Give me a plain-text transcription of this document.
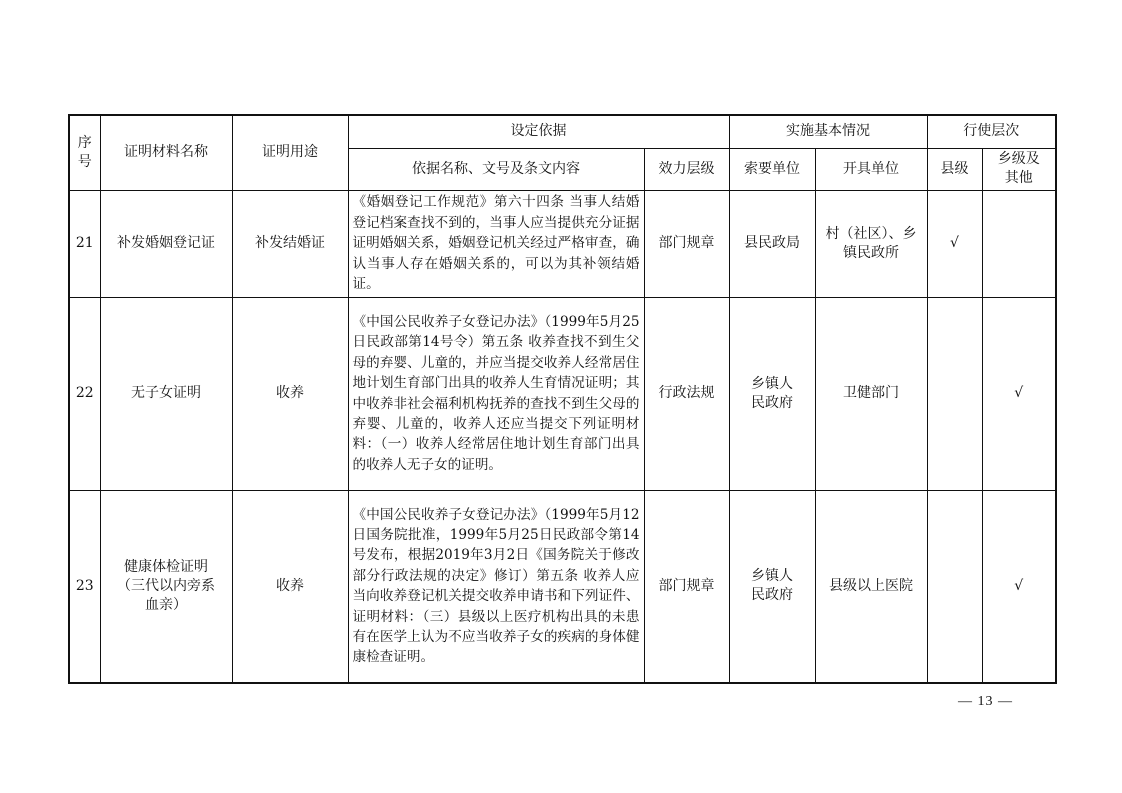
序号	证明材料名称	证明用途	设定依据		实施基本情况		行使层次	
			依据名称、文号及条文内容	效力层级	索要单位	开具单位	县级	乡级及其他
21	补发婚姻登记证	补发结婚证	《婚姻登记工作规范》第六十四条 当事人结婚登记档案查找不到的，当事人应当提供充分证据证明婚姻关系，婚姻登记机关经过严格审查，确认当事人存在婚姻关系的，可以为其补领结婚证。	部门规章	县民政局	村（社区）、乡镇民政所	√	
22	无子女证明	收养	《中国公民收养子女登记办法》（1999年5月25日民政部第14号令）第五条 收养查找不到生父母的弃婴、儿童的，并应当提交收养人经常居住地计划生育部门出具的收养人生育情况证明；其中收养非社会福利机构抚养的查找不到生父母的弃婴、儿童的，收养人还应当提交下列证明材料：（一）收养人经常居住地计划生育部门出具的收养人无子女的证明。	行政法规	乡镇人民政府	卫健部门		√
23	健康体检证明（三代以内旁系血亲）	收养	《中国公民收养子女登记办法》（1999年5月12日国务院批准，1999年5月25日民政部令第14号发布，根据2019年3月2日《国务院关于修改部分行政法规的决定》修订）第五条 收养人应当向收养登记机关提交收养申请书和下列证件、证明材料：（三）县级以上医疗机构出具的未患有在医学上认为不应当收养子女的疾病的身体健康检查证明。	部门规章	乡镇人民政府	县级以上医院		√
— 13 —
